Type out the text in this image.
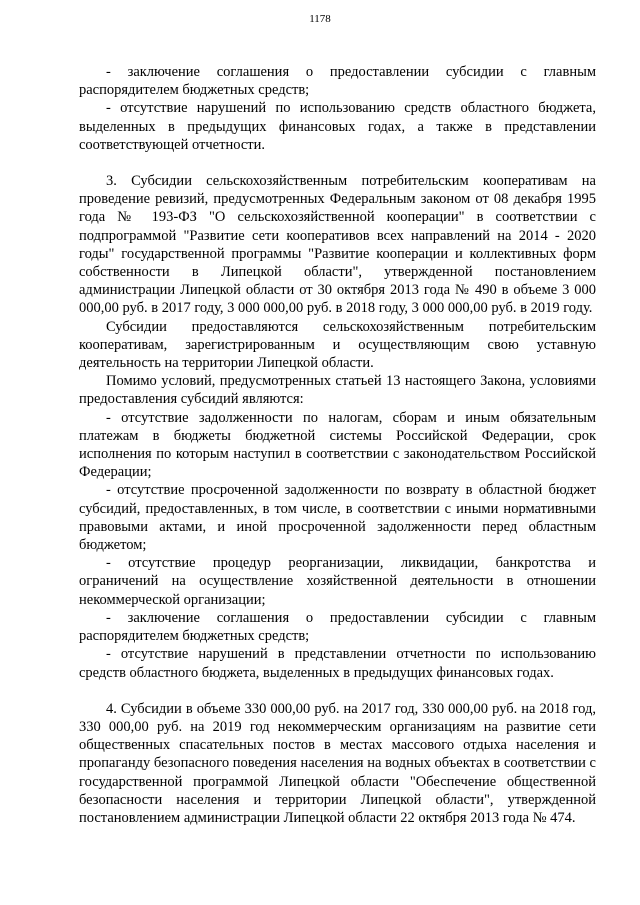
1178

- заключение соглашения о предоставлении субсидии с главным распорядителем бюджетных средств;

- отсутствие нарушений по использованию средств областного бюджета, выделенных в предыдущих финансовых годах, а также в представлении соответствующей отчетности.

3. Субсидии сельскохозяйственным потребительским кооперативам на проведение ревизий, предусмотренных Федеральным законом от 08 декабря 1995 года № 193-ФЗ "О сельскохозяйственной кооперации" в соответствии с подпрограммой "Развитие сети кооперативов всех направлений на 2014 - 2020 годы" государственной программы "Развитие кооперации и коллективных форм собственности в Липецкой области", утвержденной постановлением администрации Липецкой области от 30 октября 2013 года № 490 в объеме 3 000 000,00 руб. в 2017 году, 3 000 000,00 руб. в 2018 году, 3 000 000,00 руб. в 2019 году.

Субсидии предоставляются сельскохозяйственным потребительским кооперативам, зарегистрированным и осуществляющим свою уставную деятельность на территории Липецкой области.

Помимо условий, предусмотренных статьей 13 настоящего Закона, условиями предоставления субсидий являются:

- отсутствие задолженности по налогам, сборам и иным обязательным платежам в бюджеты бюджетной системы Российской Федерации, срок исполнения по которым наступил в соответствии с законодательством Российской Федерации;

- отсутствие просроченной задолженности по возврату в областной бюджет субсидий, предоставленных, в том числе, в соответствии с иными нормативными правовыми актами, и иной просроченной задолженности перед областным бюджетом;

- отсутствие процедур реорганизации, ликвидации, банкротства и ограничений на осуществление хозяйственной деятельности в отношении некоммерческой организации;

- заключение соглашения о предоставлении субсидии с главным распорядителем бюджетных средств;

- отсутствие нарушений в представлении отчетности по использованию средств областного бюджета, выделенных в предыдущих финансовых годах.

4. Субсидии в объеме 330 000,00 руб. на 2017 год, 330 000,00 руб. на 2018 год, 330 000,00 руб. на 2019 год некоммерческим организациям на развитие сети общественных спасательных постов в местах массового отдыха населения и пропаганду безопасного поведения населения на водных объектах в соответствии с государственной программой Липецкой области "Обеспечение общественной безопасности населения и территории Липецкой области", утвержденной постановлением администрации Липецкой области 22 октября 2013 года № 474.
